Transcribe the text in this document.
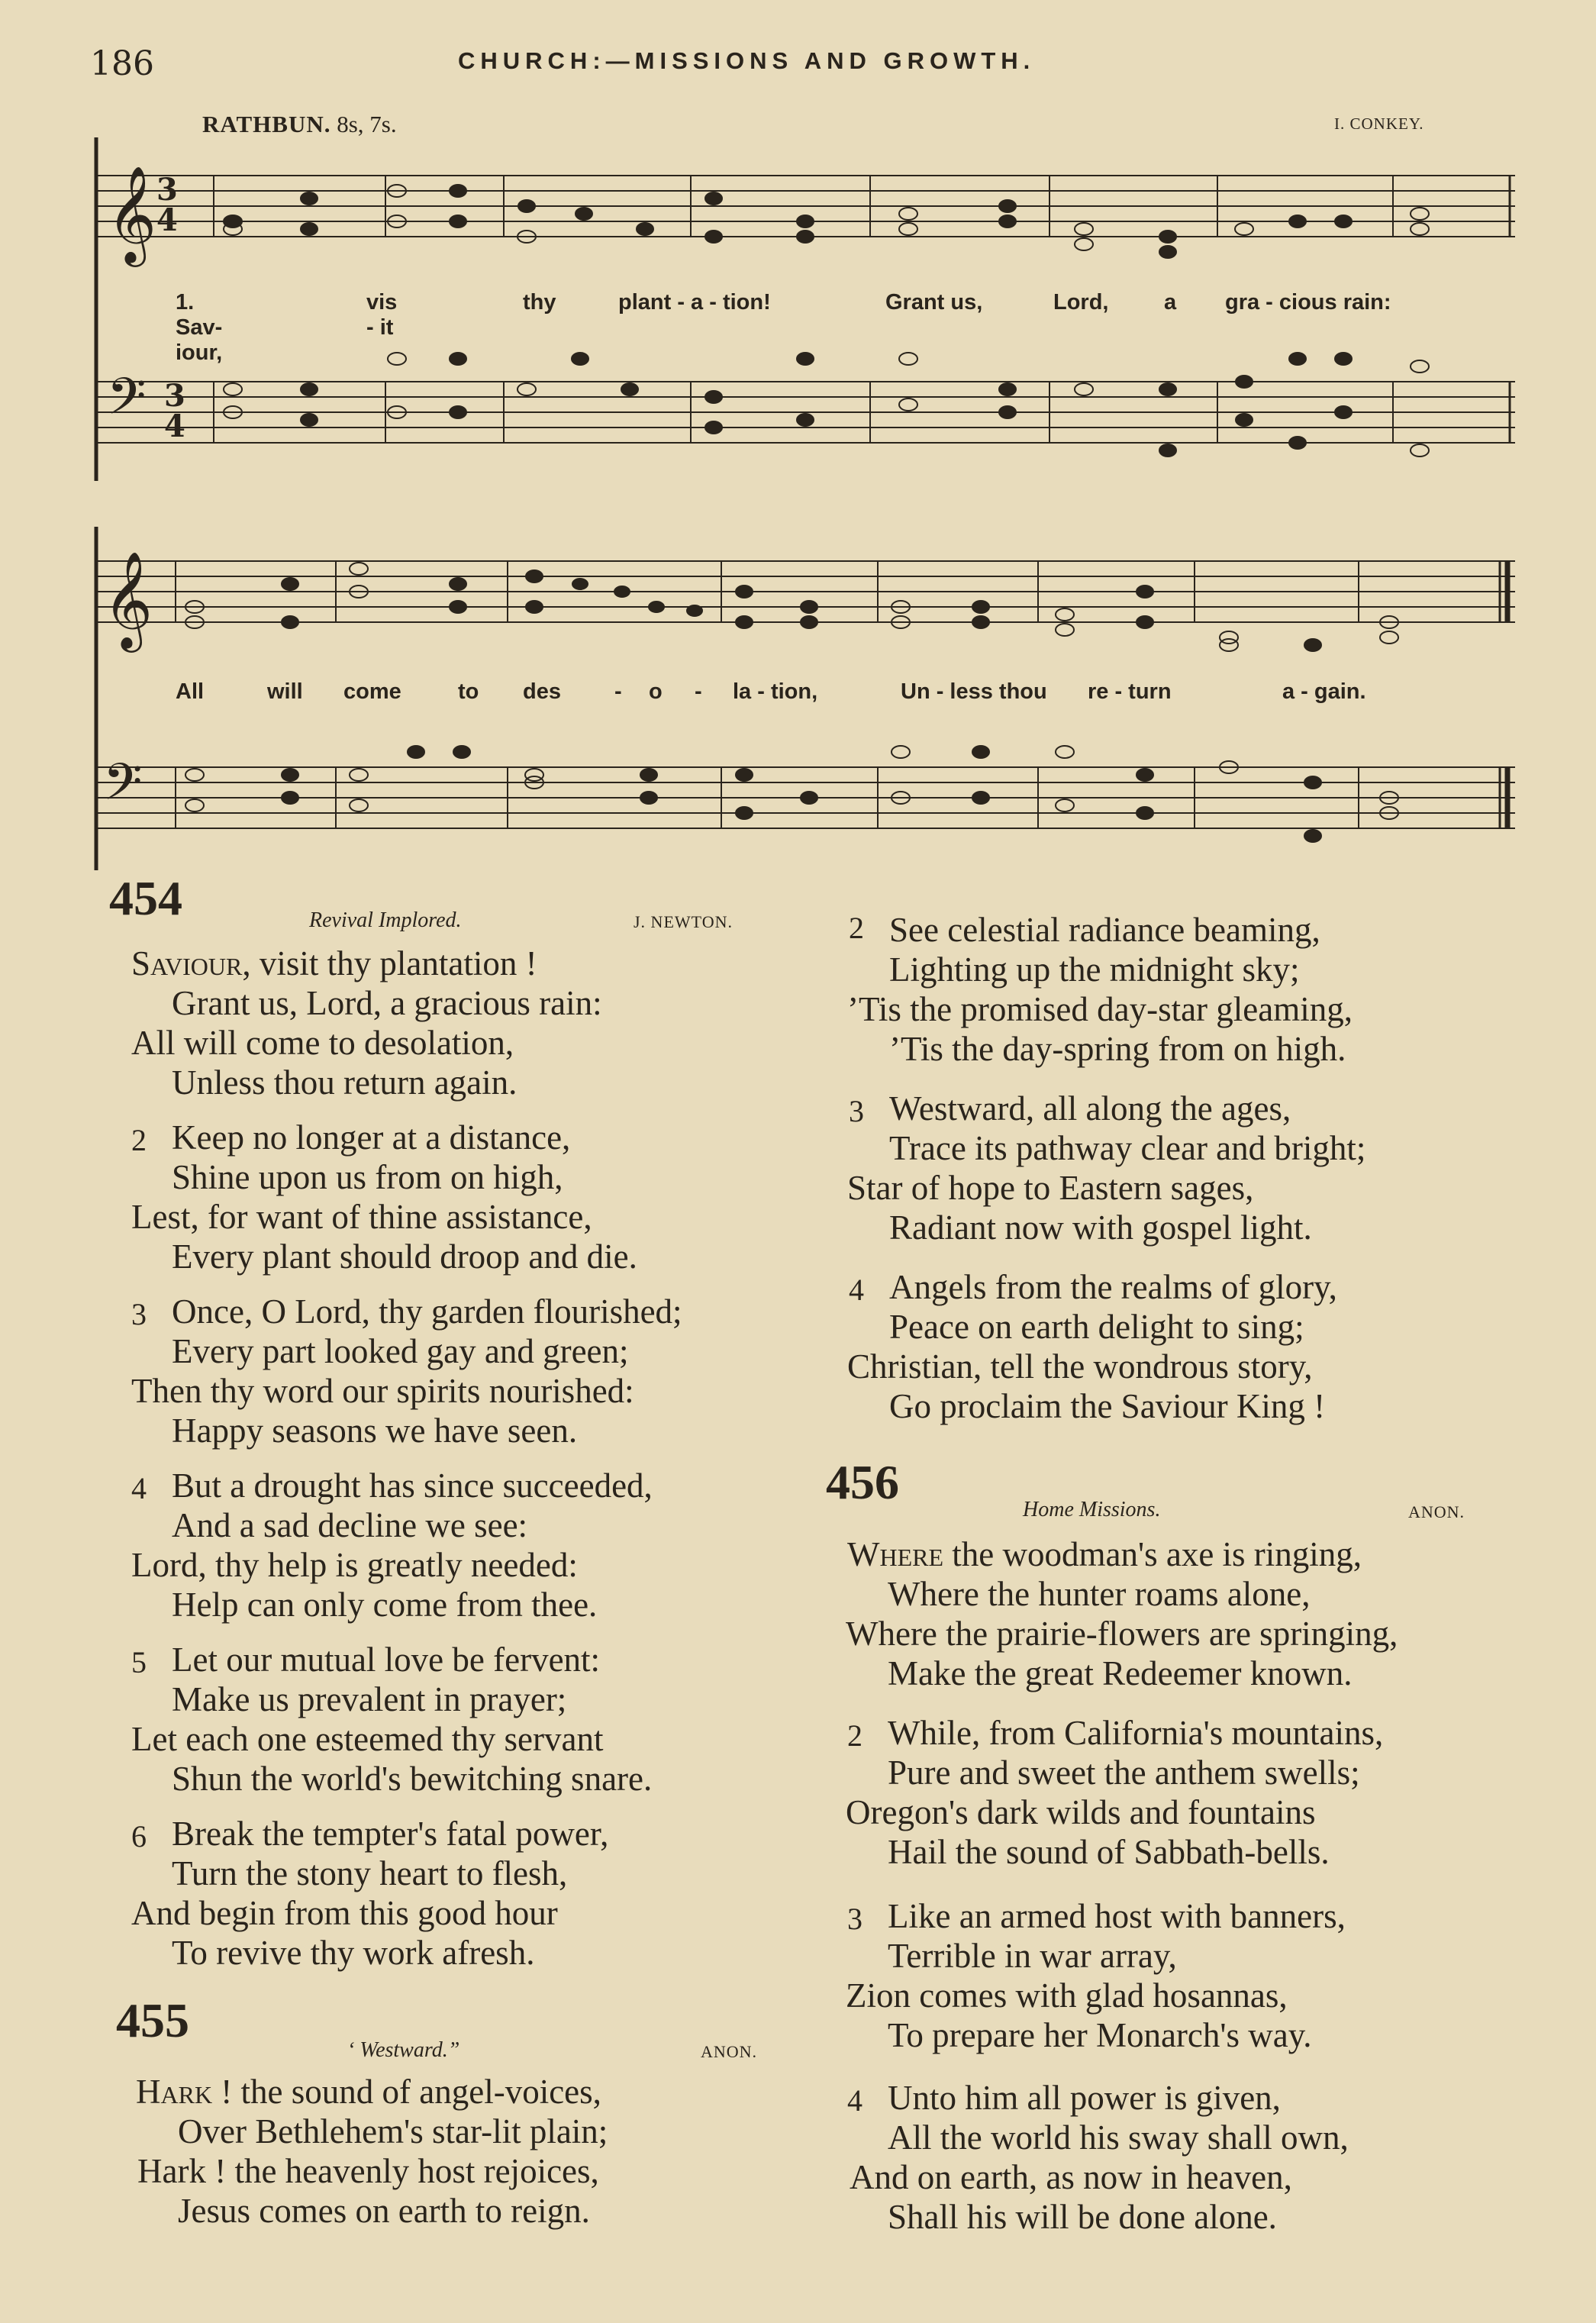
186	CHURCH:—MISSIONS AND GROWTH.
RATHBUN. 8s, 7s.	I. CONKEY.
𝄞 3
4
𝄢 3
4
𝄞
𝄢
1. Sav-iour,
vis - it
thy	plant - a - tion!	Grant us,	Lord,	a gra - cious rain:
All	will come	to des - o - la - tion,	Un - less thou re - turn	a - gain.
454	Revival Implored.	J. NEWTON.
Saviour, visit thy plantation !
Grant us, Lord, a gracious rain:
All will come to desolation,
Unless thou return again.
2 Keep no longer at a distance,
Shine upon us from on high,
Lest, for want of thine assistance,
Every plant should droop and die.
3 Once, O Lord, thy garden flourished;
Every part looked gay and green;
Then thy word our spirits nourished:
Happy seasons we have seen.
4 But a drought has since succeeded,
And a sad decline we see:
Lord, thy help is greatly needed:
Help can only come from thee.
5 Let our mutual love be fervent:
Make us prevalent in prayer;
Let each one esteemed thy servant
Shun the world's bewitching snare.
6 Break the tempter's fatal power,
Turn the stony heart to flesh,
And begin from this good hour
To revive thy work afresh.
455
‘ Westward.”	ANON.
Hark ! the sound of angel-voices,
Over Bethlehem's star-lit plain;
Hark ! the heavenly host rejoices,
Jesus comes on earth to reign.
2 See celestial radiance beaming,
Lighting up the midnight sky;
’Tis the promised day-star gleaming,
’Tis the day-spring from on high.
3 Westward, all along the ages,
Trace its pathway clear and bright;
Star of hope to Eastern sages,
Radiant now with gospel light.
4 Angels from the realms of glory,
Peace on earth delight to sing;
Christian, tell the wondrous story,
Go proclaim the Saviour King !
456
Home Missions.	ANON.
Where the woodman's axe is ringing,
Where the hunter roams alone,
Where the prairie-flowers are springing,
Make the great Redeemer known.
2 While, from California's mountains,
Pure and sweet the anthem swells;
Oregon's dark wilds and fountains
Hail the sound of Sabbath-bells.
3 Like an armed host with banners,
Terrible in war array,
Zion comes with glad hosannas,
To prepare her Monarch's way.
4 Unto him all power is given,
All the world his sway shall own,
And on earth, as now in heaven,
Shall his will be done alone.
